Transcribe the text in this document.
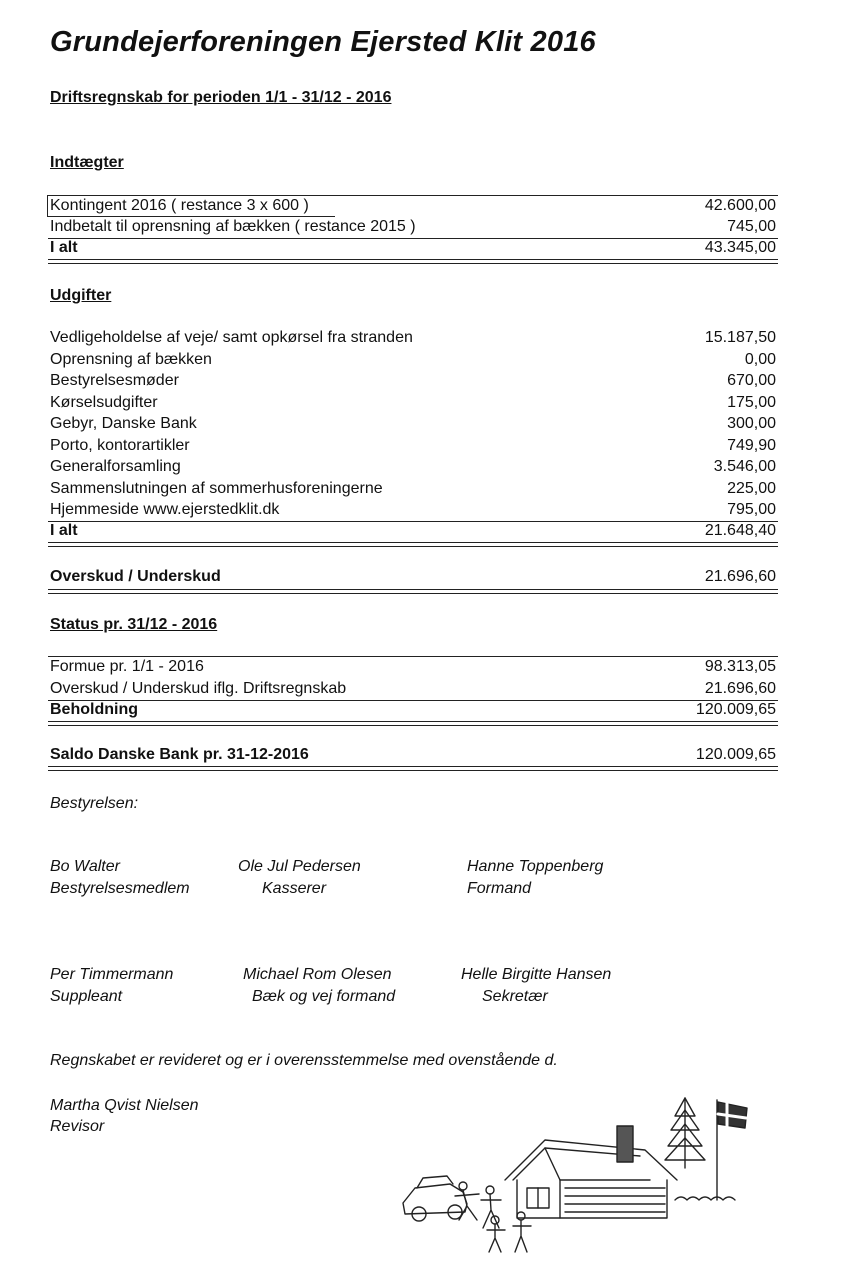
Grundejerforeningen Ejersted Klit 2016
Driftsregnskab for perioden 1/1 - 31/12 - 2016
Indtægter
Kontingent 2016 ( restance 3 x 600 )	42.600,00
Indbetalt til oprensning af bækken ( restance 2015 )	745,00
I alt	43.345,00
Udgifter
Vedligeholdelse af veje/ samt opkørsel fra stranden	15.187,50
Oprensning af bækken	0,00
Bestyrelsesmøder	670,00
Kørselsudgifter	175,00
Gebyr, Danske Bank	300,00
Porto, kontorartikler	749,90
Generalforsamling	3.546,00
Sammenslutningen af sommerhusforeningerne	225,00
Hjemmeside www.ejerstedklit.dk	795,00
I alt	21.648,40
Overskud / Underskud	21.696,60
Status pr. 31/12 - 2016
Formue pr. 1/1 - 2016	98.313,05
Overskud / Underskud iflg. Driftsregnskab	21.696,60
Beholdning	120.009,65
Saldo Danske Bank pr. 31-12-2016	120.009,65
Bestyrelsen:
Bo Walter
Bestyrelsesmedlem
Ole Jul Pedersen
Kasserer
Hanne Toppenberg
Formand
Per Timmermann
Suppleant
Michael Rom Olesen
Bæk og vej formand
Helle Birgitte Hansen
Sekretær
Regnskabet er revideret og er i overensstemmelse med ovenstående d.
Martha Qvist Nielsen
Revisor
